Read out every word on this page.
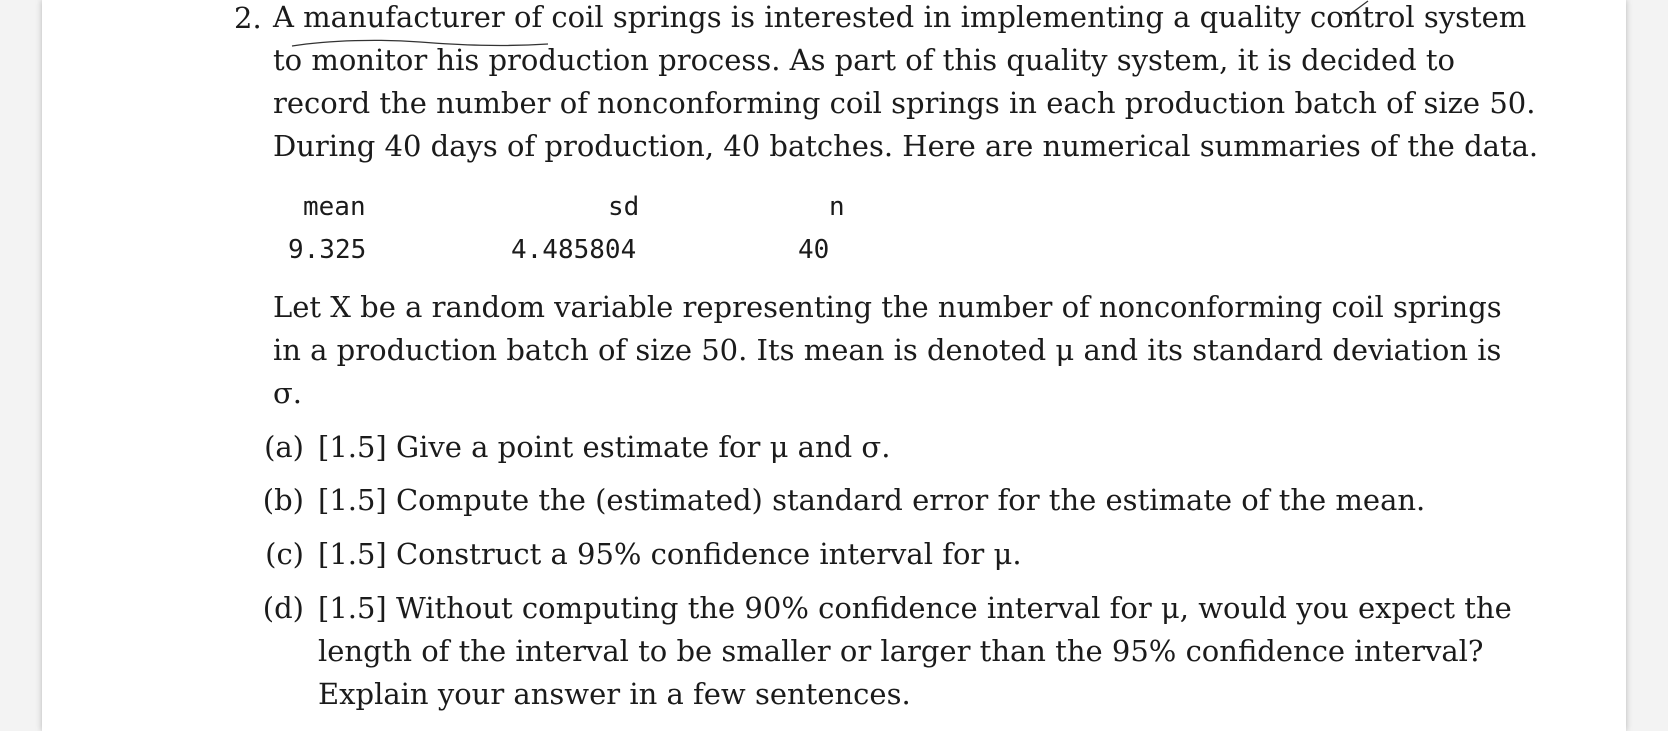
2. A manufacturer of coil springs is interested in implementing a quality control system
to monitor his production process. As part of this quality system, it is decided to
record the number of nonconforming coil springs in each production batch of size 50.
During 40 days of production, 40 batches. Here are numerical summaries of the data.
mean	sd	n
9.325	4.485804	40
Let X be a random variable representing the number of nonconforming coil springs
in a production batch of size 50. Its mean is denoted μ and its standard deviation is
σ.
(a)
(b)
(c)
(d)
[1.5] Give a point estimate for μ and σ.
[1.5] Compute the (estimated) standard error for the estimate of the mean.
[1.5] Construct a 95% confidence interval for μ.
[1.5] Without computing the 90% confidence interval for μ, would you expect the
length of the interval to be smaller or larger than the 95% confidence interval?
Explain your answer in a few sentences.
